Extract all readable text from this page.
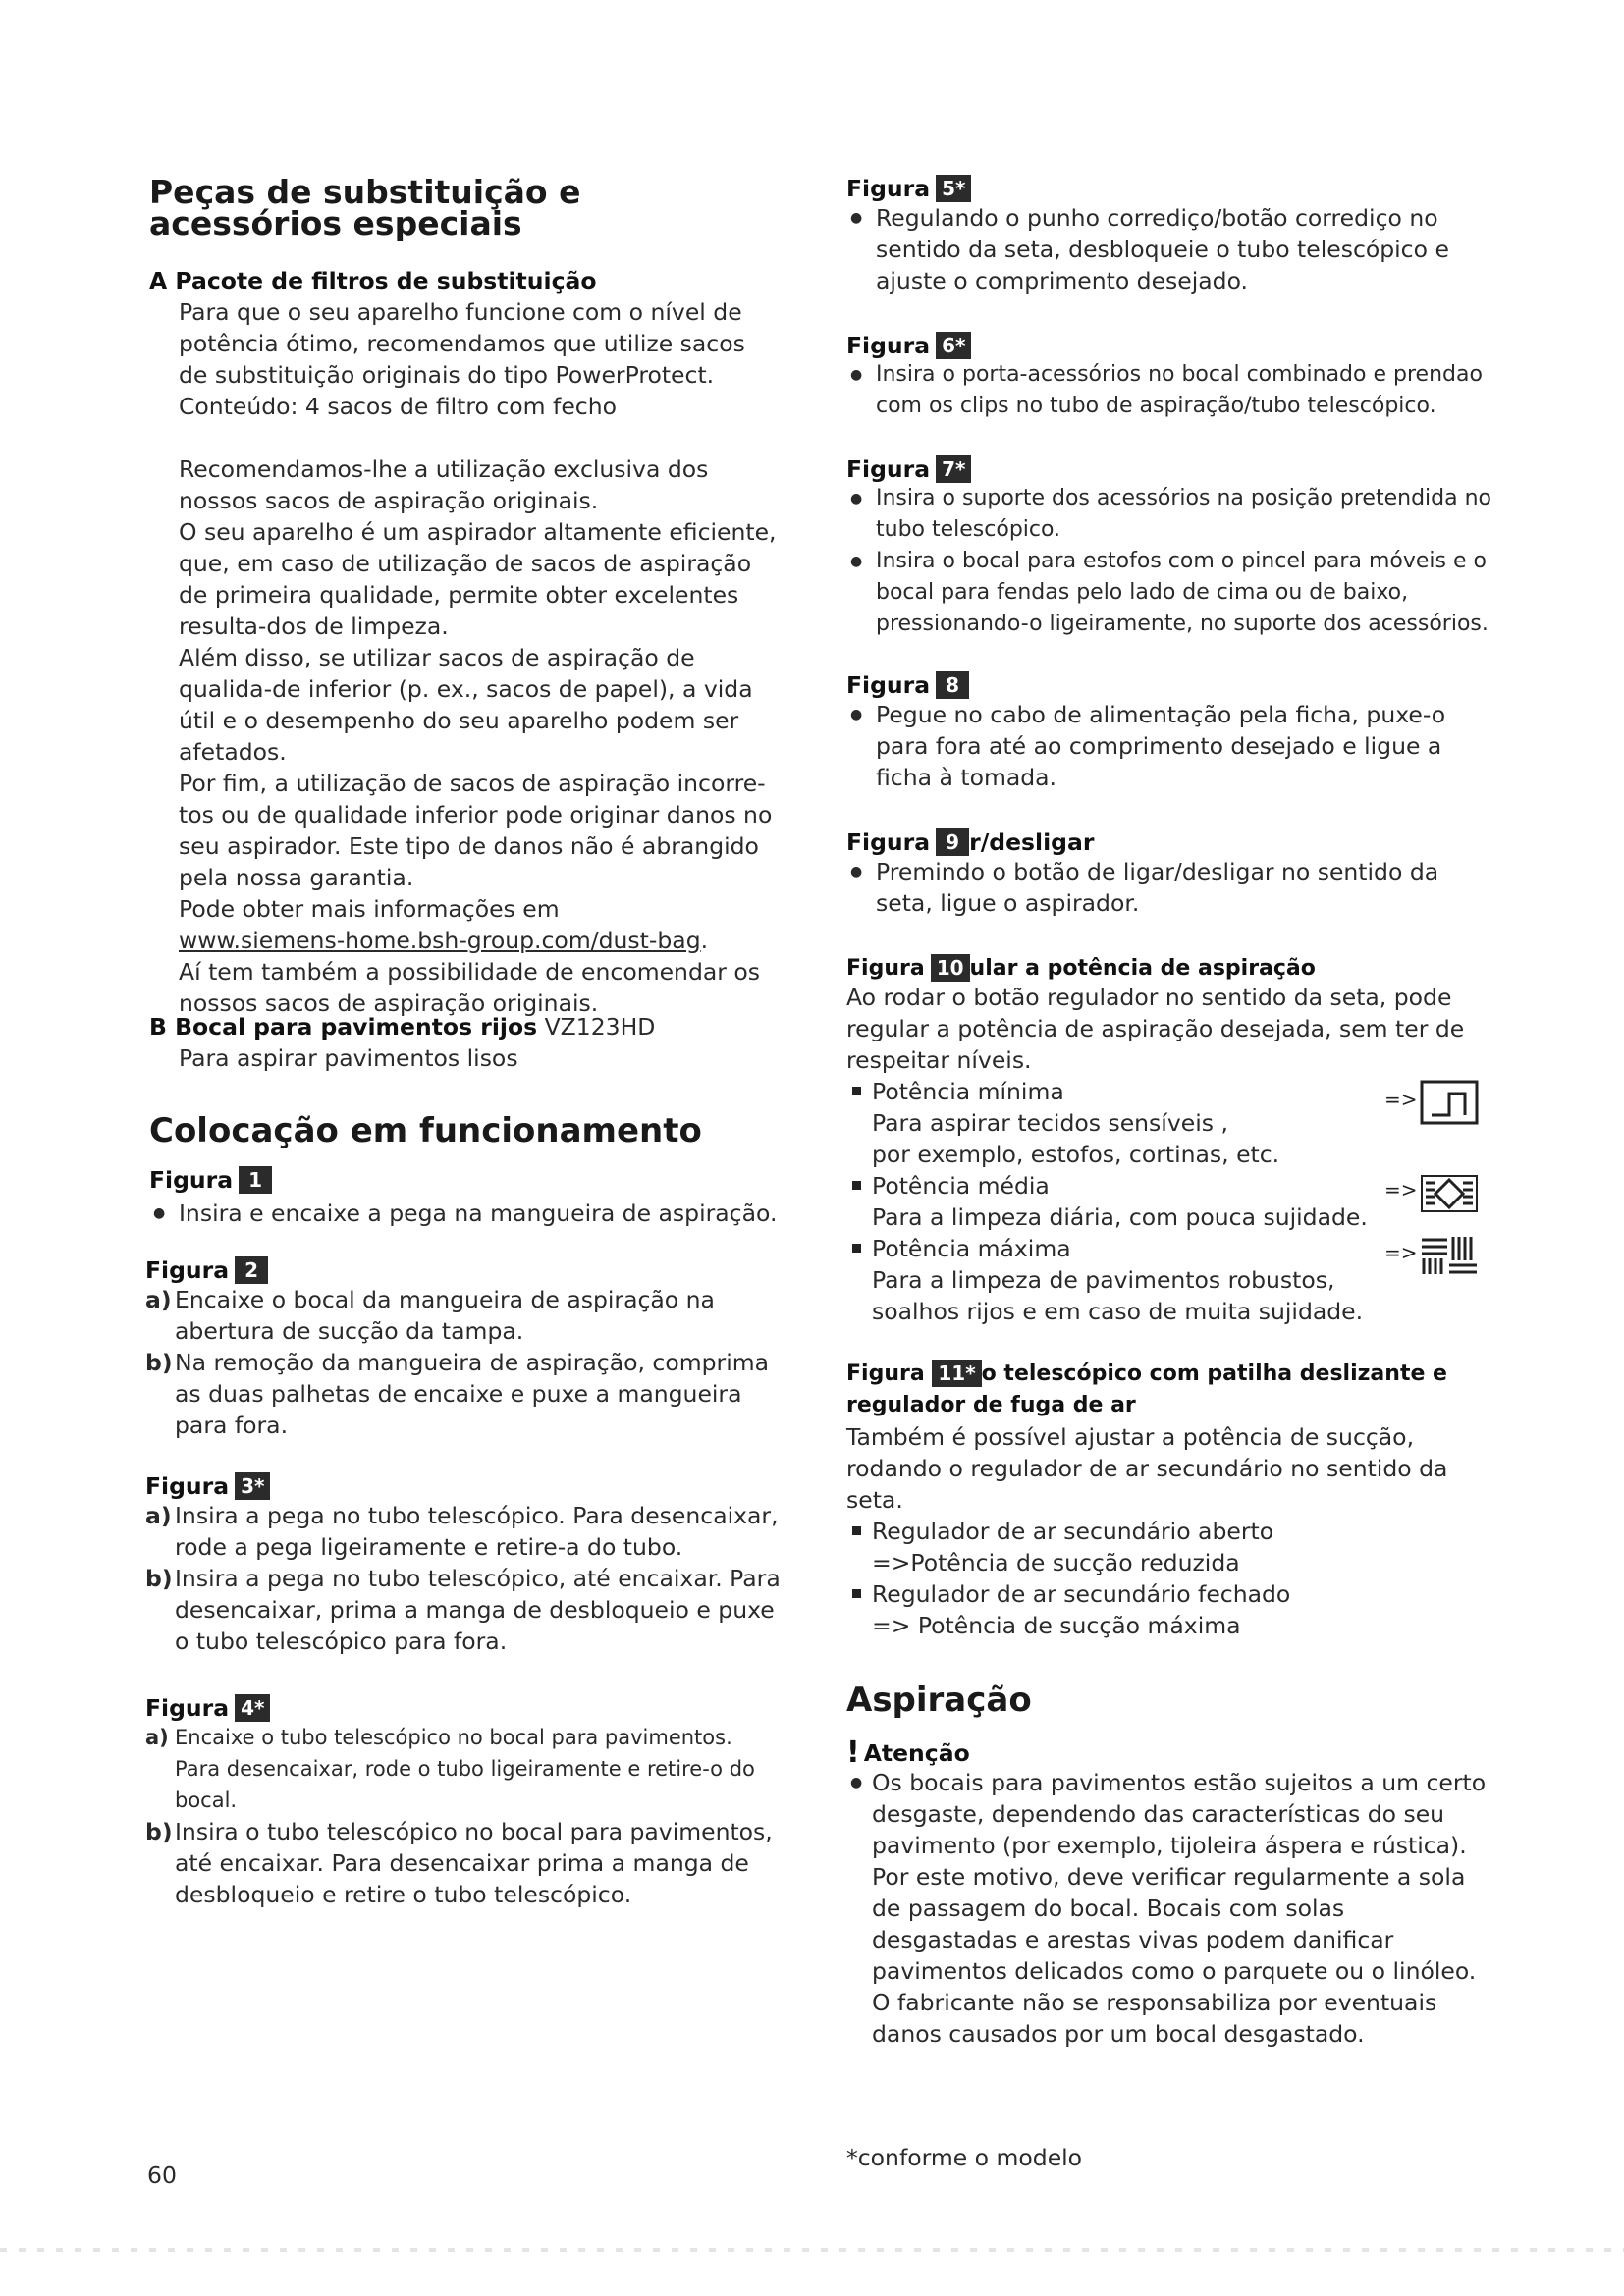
Peças de substituição e acessórios especiais
A Pacote de filtros de substituição
Para que o seu aparelho funcione com o nível de potência ótimo, recomendamos que utilize sacos de substituição originais do tipo PowerProtect.
Conteúdo: 4 sacos de filtro com fecho
Recomendamos-lhe a utilização exclusiva dos nossos sacos de aspiração originais.
O seu aparelho é um aspirador altamente eficiente, que, em caso de utilização de sacos de aspiração de primeira qualidade, permite obter excelentes resulta-dos de limpeza.
Além disso, se utilizar sacos de aspiração de qualida-de inferior (p. ex., sacos de papel), a vida útil e o desempenho do seu aparelho podem ser afetados.
Por fim, a utilização de sacos de aspiração incorre-tos ou de qualidade inferior pode originar danos no seu aspirador. Este tipo de danos não é abrangido pela nossa garantia.
Pode obter mais informações em
www.siemens-home.bsh-group.com/dust-bag.
Aí tem também a possibilidade de encomendar os nossos sacos de aspiração originais.
B Bocal para pavimentos rijos VZ123HD
Para aspirar pavimentos lisos
Colocação em funcionamento
Figura 1
● Insira e encaixe a pega na mangueira de aspiração.
Figura 2
a) Encaixe o bocal da mangueira de aspiração na abertura de sucção da tampa.
b) Na remoção da mangueira de aspiração, comprima as duas palhetas de encaixe e puxe a mangueira para fora.
Figura 3*
a) Insira a pega no tubo telescópico. Para desencaixar, rode a pega ligeiramente e retire-a do tubo.
b) Insira a pega no tubo telescópico, até encaixar. Para desencaixar, prima a manga de desbloqueio e puxe o tubo telescópico para fora.
Figura 4*
a) Encaixe o tubo telescópico no bocal para pavimentos. Para desencaixar, rode o tubo ligeiramente e retire-o do bocal.
b) Insira o tubo telescópico no bocal para pavimentos, até encaixar. Para desencaixar prima a manga de desbloqueio e retire o tubo telescópico.
60
Figura 5*
● Regulando o punho corrediço/botão corrediço no sentido da seta, desbloqueie o tubo telescópico e ajuste o comprimento desejado.
Figura 6*
● Insira o porta-acessórios no bocal combinado e prendao com os clips no tubo de aspiração/tubo telescópico.
Figura 7*
● Insira o suporte dos acessórios na posição pretendida no tubo telescópico.
● Insira o bocal para estofos com o pincel para móveis e o bocal para fendas pelo lado de cima ou de baixo, pressionando-o ligeiramente, no suporte dos acessórios.
Figura 8
● Pegue no cabo de alimentação pela ficha, puxe-o para fora até ao comprimento desejado e ligue a ficha à tomada.
Figura 9 r/desligar
● Premindo o botão de ligar/desligar no sentido da seta, ligue o aspirador.
Figura 10 ular a potência de aspiração
Ao rodar o botão regulador no sentido da seta, pode regular a potência de aspiração desejada, sem ter de respeitar níveis.
Potência mínima
Para aspirar tecidos sensíveis ,
por exemplo, estofos, cortinas, etc.
Potência média
Para a limpeza diária, com pouca sujidade.
Potência máxima
Para a limpeza de pavimentos robustos, soalhos rijos e em caso de muita sujidade.
=>
=>
=>
Figura 11* o telescópico com patilha deslizante e regulador de fuga de ar
Também é possível ajustar a potência de sucção, rodando o regulador de ar secundário no sentido da seta.
Regulador de ar secundário aberto
=>Potência de sucção reduzida
Regulador de ar secundário fechado
=> Potência de sucção máxima
Aspiração
! Atenção
● Os bocais para pavimentos estão sujeitos a um certo desgaste, dependendo das características do seu pavimento (por exemplo, tijoleira áspera e rústica). Por este motivo, deve verificar regularmente a sola de passagem do bocal. Bocais com solas desgastadas e arestas vivas podem danificar pavimentos delicados como o parquete ou o linóleo. O fabricante não se responsabiliza por eventuais danos causados por um bocal desgastado.
*conforme o modelo
